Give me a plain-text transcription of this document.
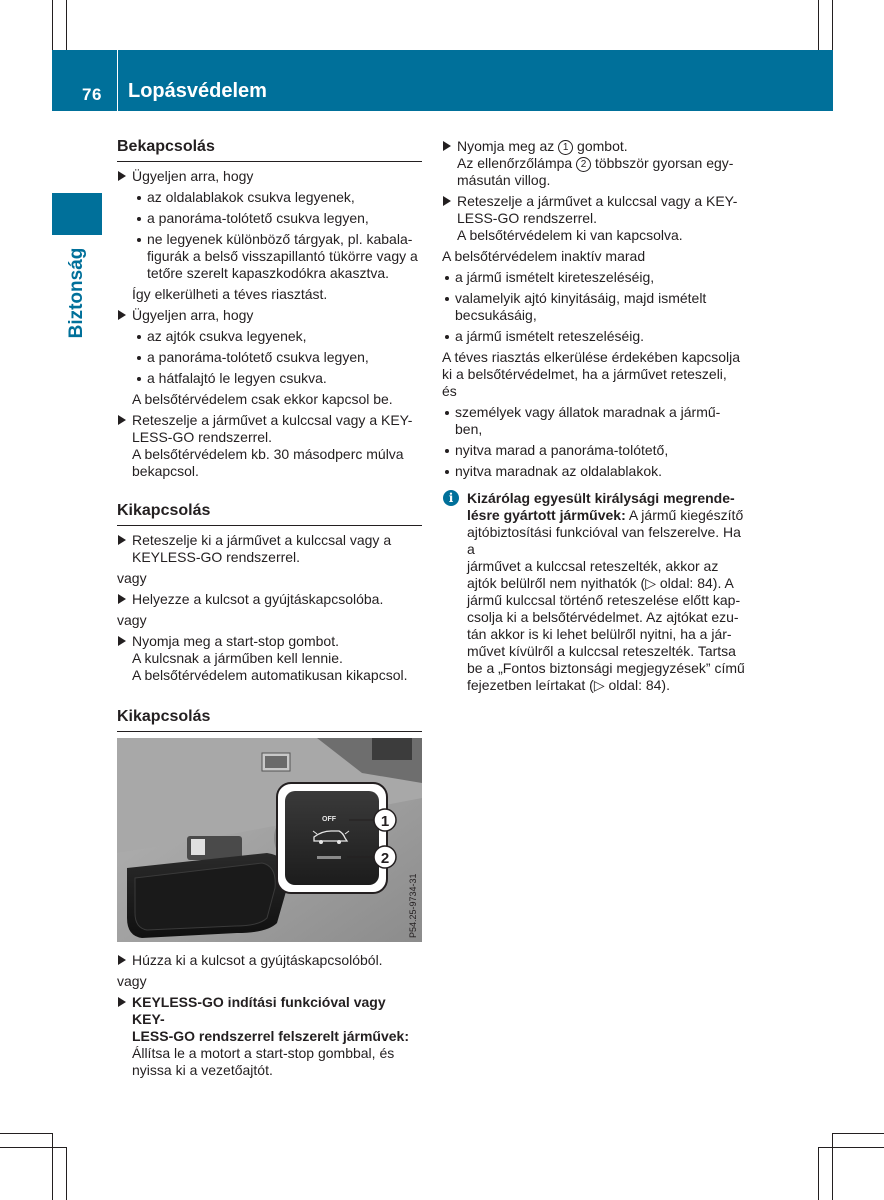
76 Lopásvédelem
Biztonság
Bekapcsolás
Ügyeljen arra, hogy
az oldalablakok csukva legyenek,
a panoráma-tolótető csukva legyen,
ne legyenek különböző tárgyak, pl. kabala-
figurák a belső visszapillantó tükörre vagy a
tetőre szerelt kapaszkodókra akasztva.
Így elkerülheti a téves riasztást.
Ügyeljen arra, hogy
az ajtók csukva legyenek,
a panoráma-tolótető csukva legyen,
a hátfalajtó le legyen csukva.
A belsőtérvédelem csak ekkor kapcsol be.
Reteszelje a járművet a kulccsal vagy a KEY-
LESS-GO rendszerrel.
A belsőtérvédelem kb. 30 másodperc múlva
bekapcsol.
Kikapcsolás
Reteszelje ki a járművet a kulccsal vagy a
KEYLESS-GO rendszerrel.
vagy
Helyezze a kulcsot a gyújtáskapcsolóba.
vagy
Nyomja meg a start-stop gombot.
A kulcsnak a járműben kell lennie.
A belsőtérvédelem automatikusan kikapcsol.
Kikapcsolás
OFF	1
2
P54.25-9734-31
Húzza ki a kulcsot a gyújtáskapcsolóból.
vagy
KEYLESS-GO indítási funkcióval vagy KEY-
LESS-GO rendszerrel felszerelt járművek:
Állítsa le a motort a start-stop gombbal, és
nyissa ki a vezetőajtót.
Nyomja meg az 1 gombot.
Az ellenőrzőlámpa 2 többször gyorsan egy-
másután villog.
Reteszelje a járművet a kulccsal vagy a KEY-
LESS-GO rendszerrel.
A belsőtérvédelem ki van kapcsolva.
A belsőtérvédelem inaktív marad
a jármű ismételt kireteszeléséig,
valamelyik ajtó kinyitásáig, majd ismételt
becsukásáig,
a jármű ismételt reteszeléséig.
A téves riasztás elkerülése érdekében kapcsolja
ki a belsőtérvédelmet, ha a járművet reteszeli,
és
személyek vagy állatok maradnak a jármű-
ben,
nyitva marad a panoráma-tolótető,
nyitva maradnak az oldalablakok.
i Kizárólag egyesült királysági megrende-
lésre gyártott járművek: A jármű kiegészítő
ajtóbiztosítási funkcióval van felszerelve. Ha a
járművet a kulccsal reteszelték, akkor az
ajtók belülről nem nyithatók (▷ oldal: 84). A
jármű kulccsal történő reteszelése előtt kap-
csolja ki a belsőtérvédelmet. Az ajtókat ezu-
tán akkor is ki lehet belülről nyitni, ha a jár-
művet kívülről a kulccsal reteszelték. Tartsa
be a „Fontos biztonsági megjegyzések” című
fejezetben leírtakat (▷ oldal: 84).
